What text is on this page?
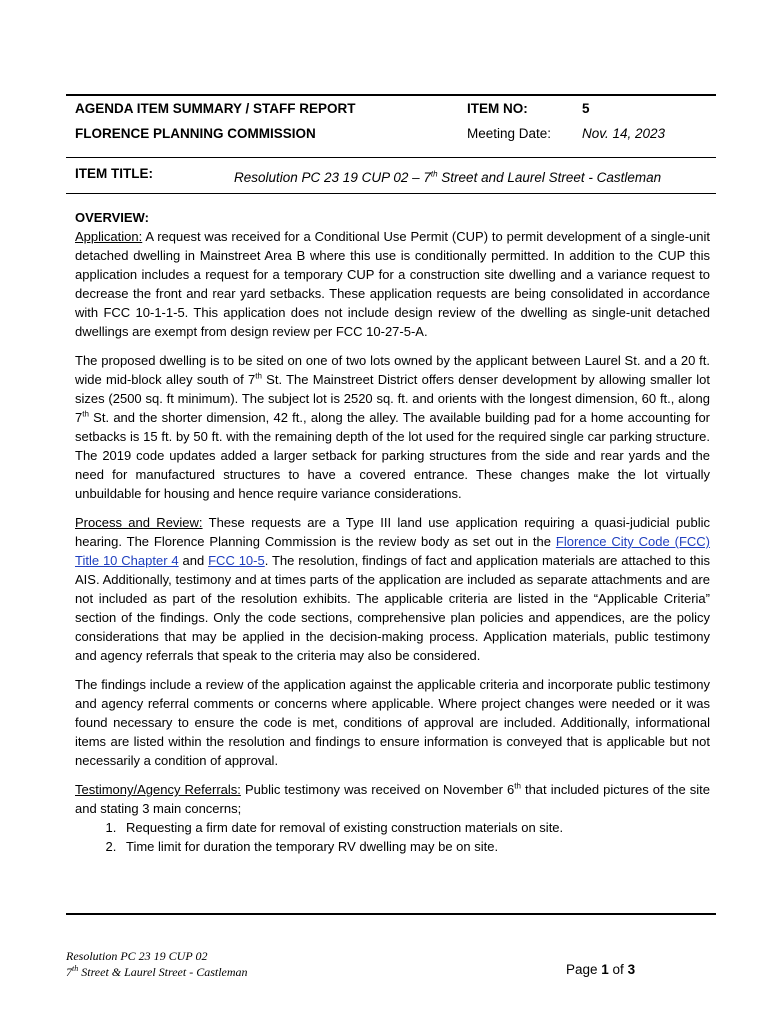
AGENDA ITEM SUMMARY / STAFF REPORT	ITEM NO:	5
FLORENCE PLANNING COMMISSION	Meeting Date: Nov. 14, 2023
ITEM TITLE:	Resolution PC 23 19 CUP 02 – 7th Street and Laurel Street - Castleman
OVERVIEW:

Application: A request was received for a Conditional Use Permit (CUP) to permit development of a single-unit detached dwelling in Mainstreet Area B where this use is conditionally permitted. In addition to the CUP this application includes a request for a temporary CUP for a construction site dwelling and a variance request to decrease the front and rear yard setbacks. These application requests are being consolidated in accordance with FCC 10-1-1-5. This application does not include design review of the dwelling as single-unit detached dwellings are exempt from design review per FCC 10-27-5-A.

The proposed dwelling is to be sited on one of two lots owned by the applicant between Laurel St. and a 20 ft. wide mid-block alley south of 7th St. The Mainstreet District offers denser development by allowing smaller lot sizes (2500 sq. ft minimum). The subject lot is 2520 sq. ft. and orients with the longest dimension, 60 ft., along 7th St. and the shorter dimension, 42 ft., along the alley. The available building pad for a home accounting for setbacks is 15 ft. by 50 ft. with the remaining depth of the lot used for the required single car parking structure. The 2019 code updates added a larger setback for parking structures from the side and rear yards and the need for manufactured structures to have a covered entrance. These changes make the lot virtually unbuildable for housing and hence require variance considerations.

Process and Review: These requests are a Type III land use application requiring a quasi-judicial public hearing. The Florence Planning Commission is the review body as set out in the Florence City Code (FCC) Title 10 Chapter 4 and FCC 10-5. The resolution, findings of fact and application materials are attached to this AIS. Additionally, testimony and at times parts of the application are included as separate attachments and are not included as part of the resolution exhibits. The applicable criteria are listed in the “Applicable Criteria” section of the findings. Only the code sections, comprehensive plan policies and appendices, are the policy considerations that may be applied in the decision-making process. Application materials, public testimony and agency referrals that speak to the criteria may also be considered.

The findings include a review of the application against the applicable criteria and incorporate public testimony and agency referral comments or concerns where applicable. Where project changes were needed or it was found necessary to ensure the code is met, conditions of approval are included. Additionally, informational items are listed within the resolution and findings to ensure information is conveyed that is applicable but not necessarily a condition of approval.

Testimony/Agency Referrals: Public testimony was received on November 6th that included pictures of the site and stating 3 main concerns;

1. Requesting a firm date for removal of existing construction materials on site.
2. Time limit for duration the temporary RV dwelling may be on site.
Resolution PC 23 19 CUP 02
7th Street & Laurel Street - Castleman	Page 1 of 3
